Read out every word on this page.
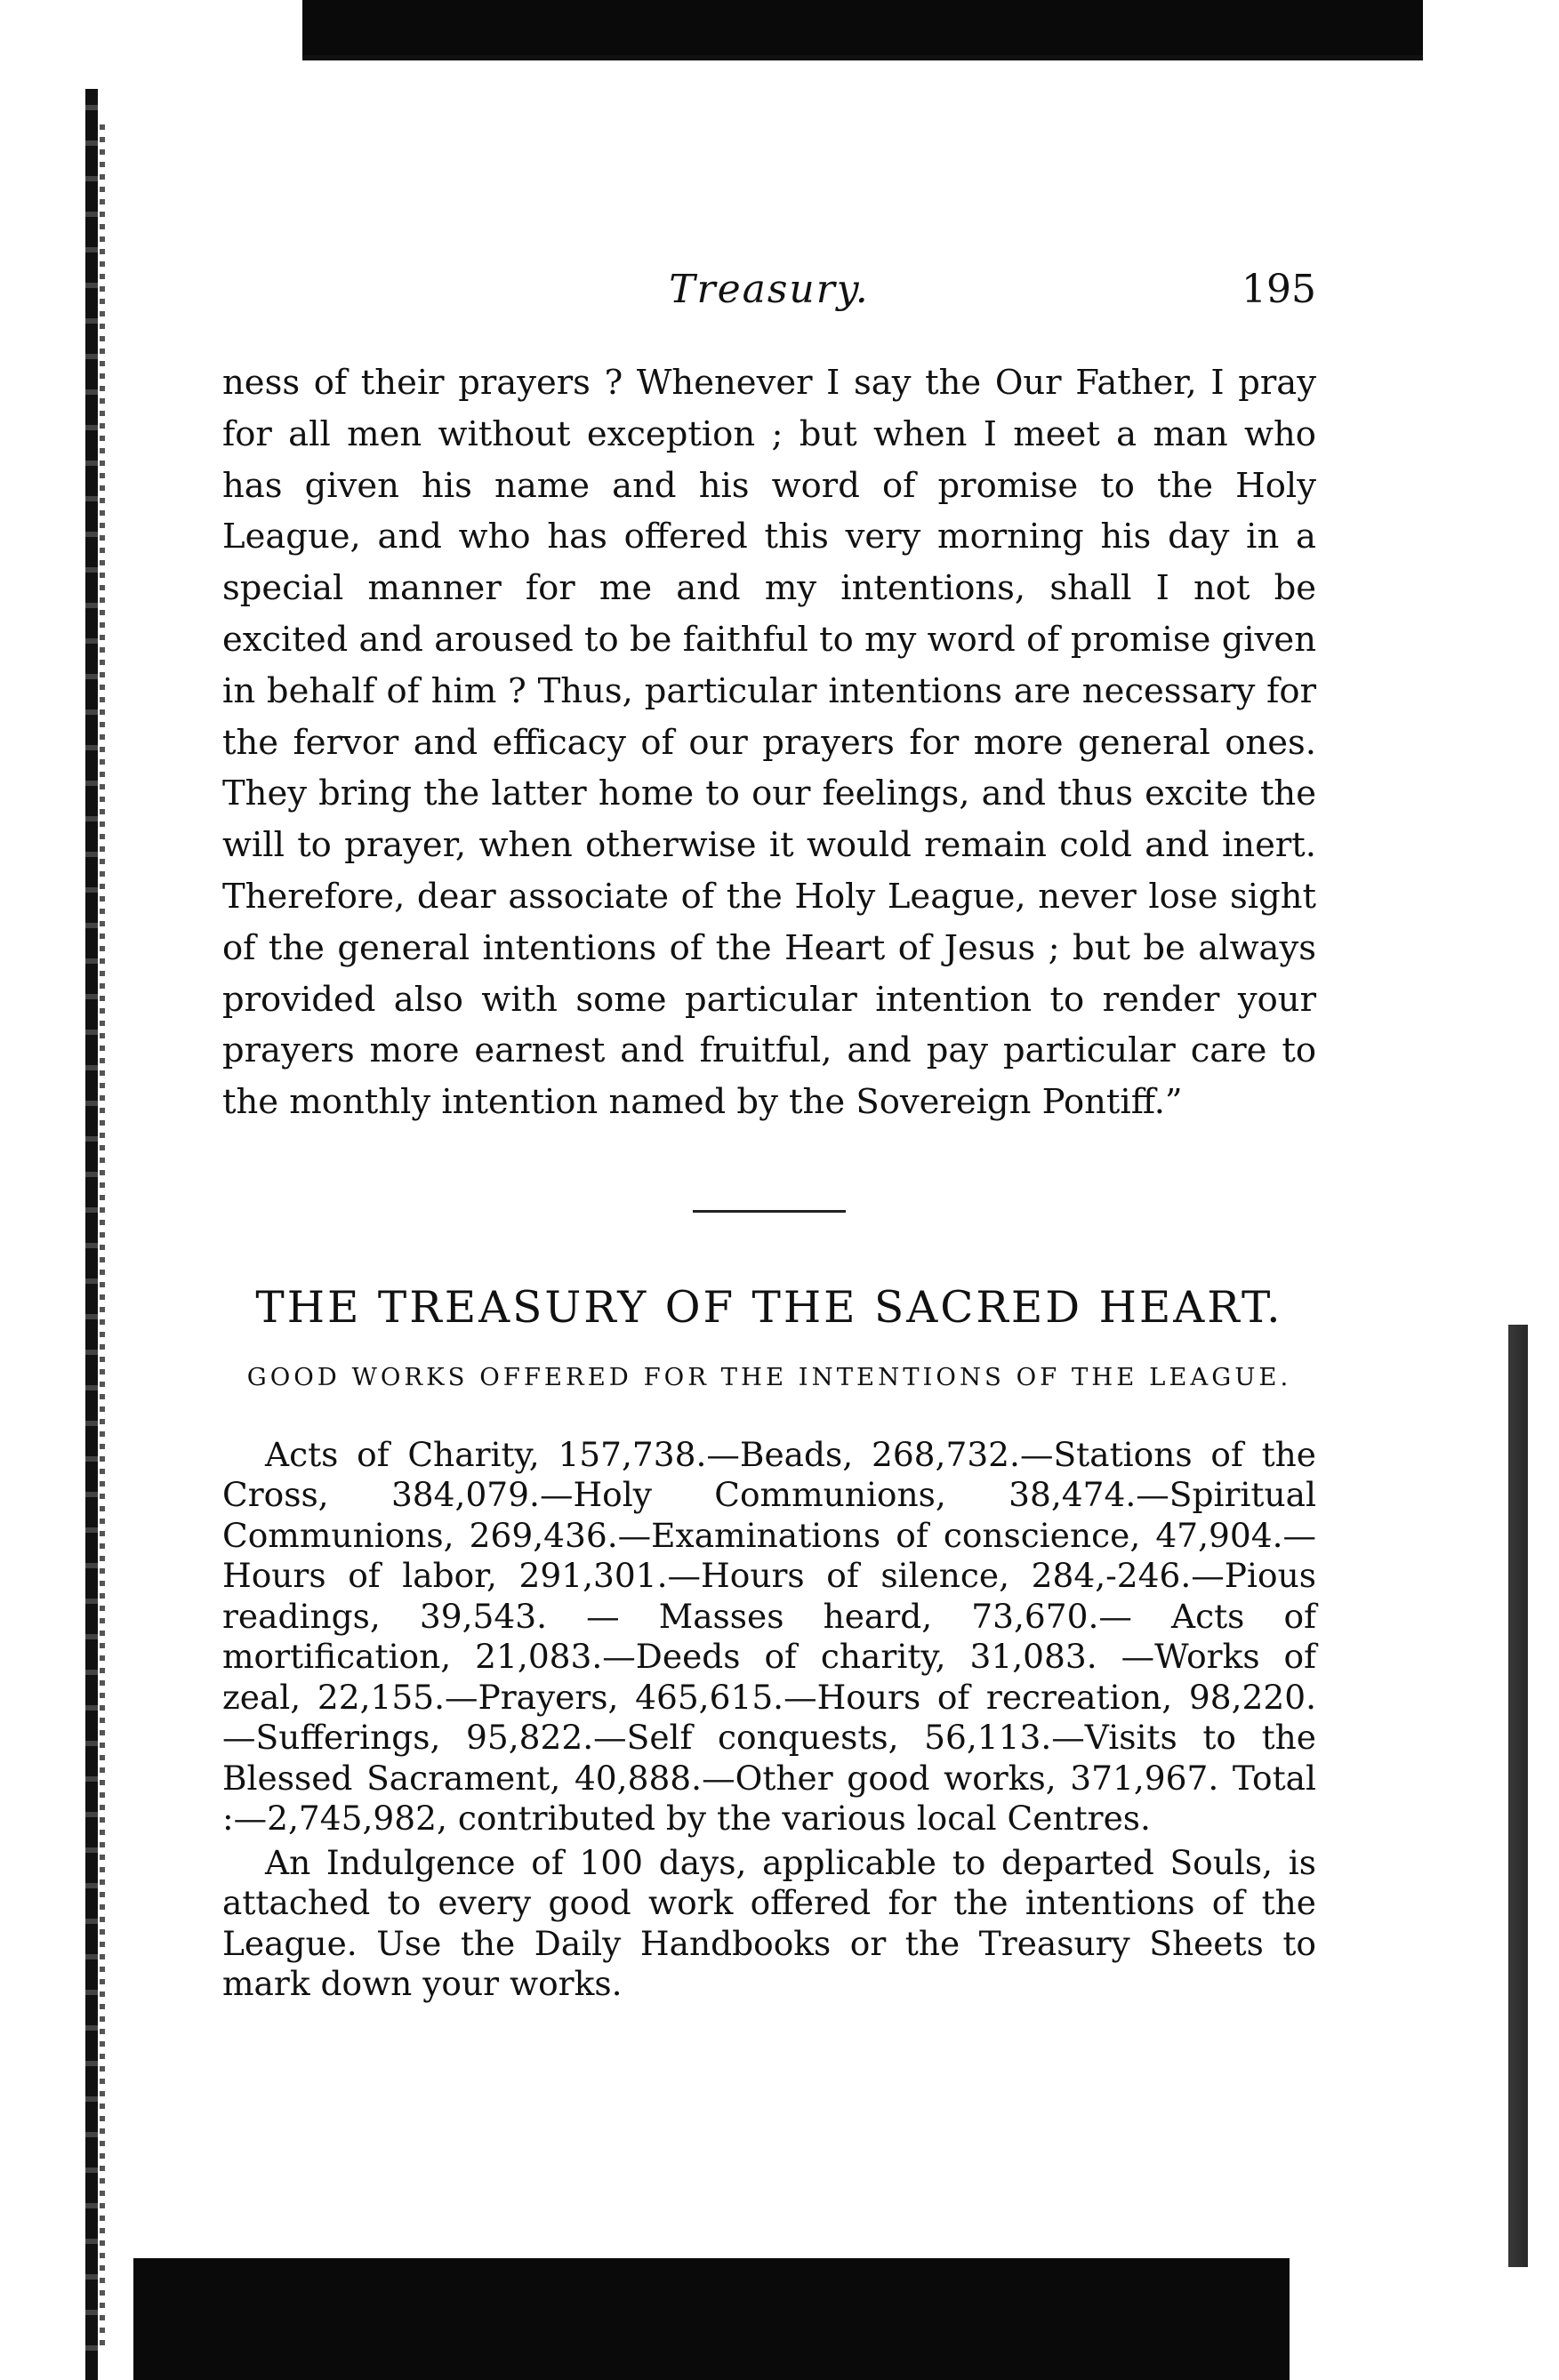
Treasury.	195

ness of their prayers ? Whenever I say the Our Father, I pray for all men without exception ; but when I meet a man who has given his name and his word of promise to the Holy League, and who has offered this very morning his day in a special manner for me and my intentions, shall I not be excited and aroused to be faithful to my word of promise given in behalf of him ? Thus, particular intentions are necessary for the fervor and efficacy of our prayers for more general ones. They bring the latter home to our feelings, and thus excite the will to prayer, when otherwise it would remain cold and inert. Therefore, dear associate of the Holy League, never lose sight of the general intentions of the Heart of Jesus ; but be always provided also with some particular intention to render your prayers more earnest and fruitful, and pay particular care to the monthly intention named by the Sovereign Pontiff.”

THE TREASURY OF THE SACRED HEART.
GOOD WORKS OFFERED FOR THE INTENTIONS OF THE LEAGUE.

Acts of Charity, 157,738.—Beads, 268,732.—Stations of the Cross, 384,079.—Holy Communions, 38,474.—Spiritual Communions, 269,436.—Examinations of conscience, 47,904.—Hours of labor, 291,301.—Hours of silence, 284,-246.—Pious readings, 39,543. — Masses heard, 73,670.— Acts of mortification, 21,083.—Deeds of charity, 31,083. —Works of zeal, 22,155.—Prayers, 465,615.—Hours of recreation, 98,220.—Sufferings, 95,822.—Self conquests, 56,113.—Visits to the Blessed Sacrament, 40,888.—Other good works, 371,967. Total :—2,745,982, contributed by the various local Centres.

An Indulgence of 100 days, applicable to departed Souls, is attached to every good work offered for the intentions of the League. Use the Daily Handbooks or the Treasury Sheets to mark down your works.
